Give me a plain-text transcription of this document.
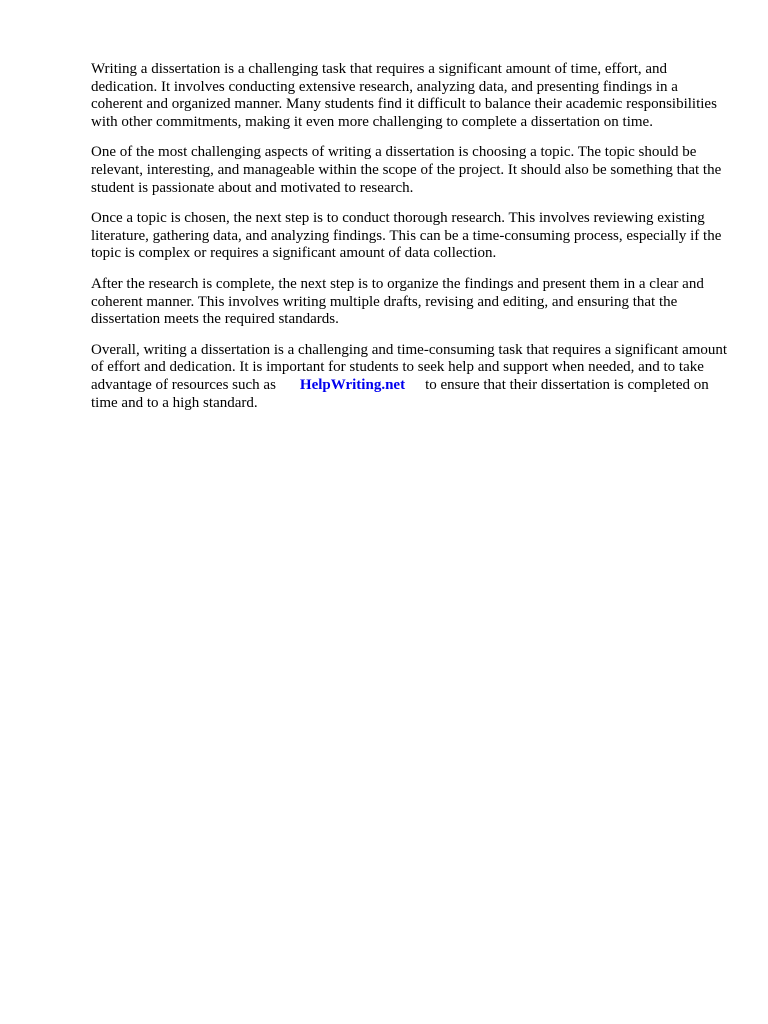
Writing a dissertation is a challenging task that requires a significant amount of time, effort, and dedication. It involves conducting extensive research, analyzing data, and presenting findings in a coherent and organized manner. Many students find it difficult to balance their academic responsibilities with other commitments, making it even more challenging to complete a dissertation on time.

One of the most challenging aspects of writing a dissertation is choosing a topic. The topic should be relevant, interesting, and manageable within the scope of the project. It should also be something that the student is passionate about and motivated to research.

Once a topic is chosen, the next step is to conduct thorough research. This involves reviewing existing literature, gathering data, and analyzing findings. This can be a time-consuming process, especially if the topic is complex or requires a significant amount of data collection.

After the research is complete, the next step is to organize the findings and present them in a clear and coherent manner. This involves writing multiple drafts, revising and editing, and ensuring that the dissertation meets the required standards.

Overall, writing a dissertation is a challenging and time-consuming task that requires a significant amount of effort and dedication. It is important for students to seek help and support when needed, and to take advantage of resources such as HelpWriting.net to ensure that their dissertation is completed on time and to a high standard.
